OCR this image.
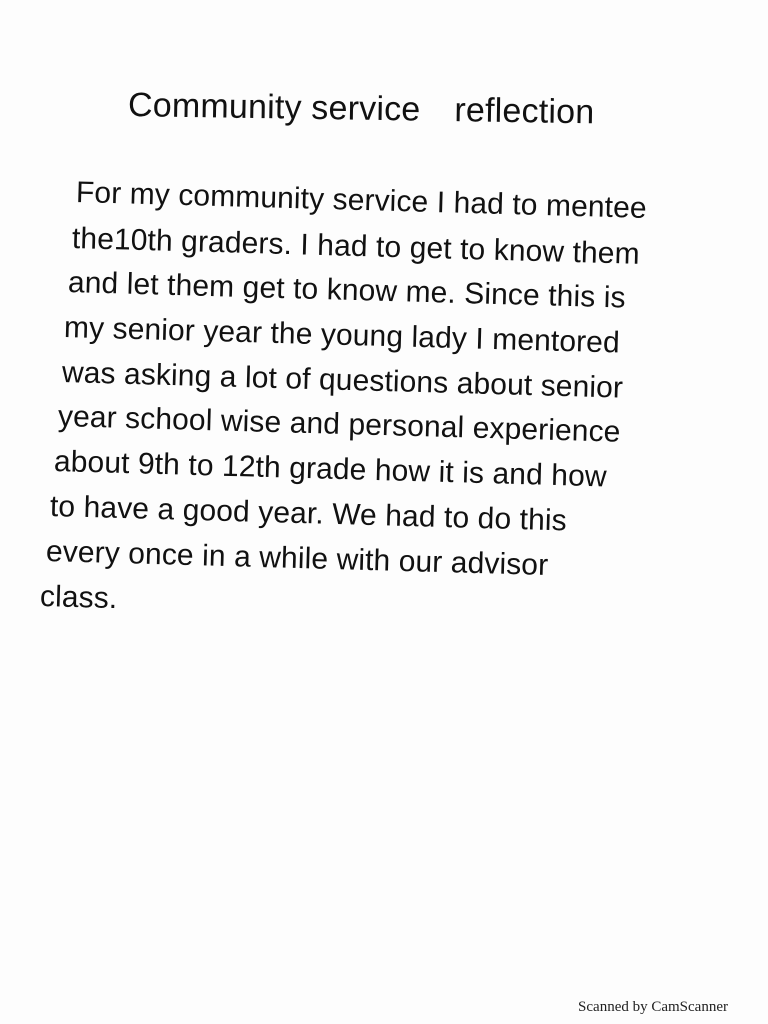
Community service reflection
For my community service I had to mentee
the10th graders. I had to get to know them
and let them get to know me. Since this is
my senior year the young lady I mentored
was asking a lot of questions about senior
year school wise and personal experience
about 9th to 12th grade how it is and how
to have a good year. We had to do this
every once in a while with our advisor
class.
Scanned by CamScanner
